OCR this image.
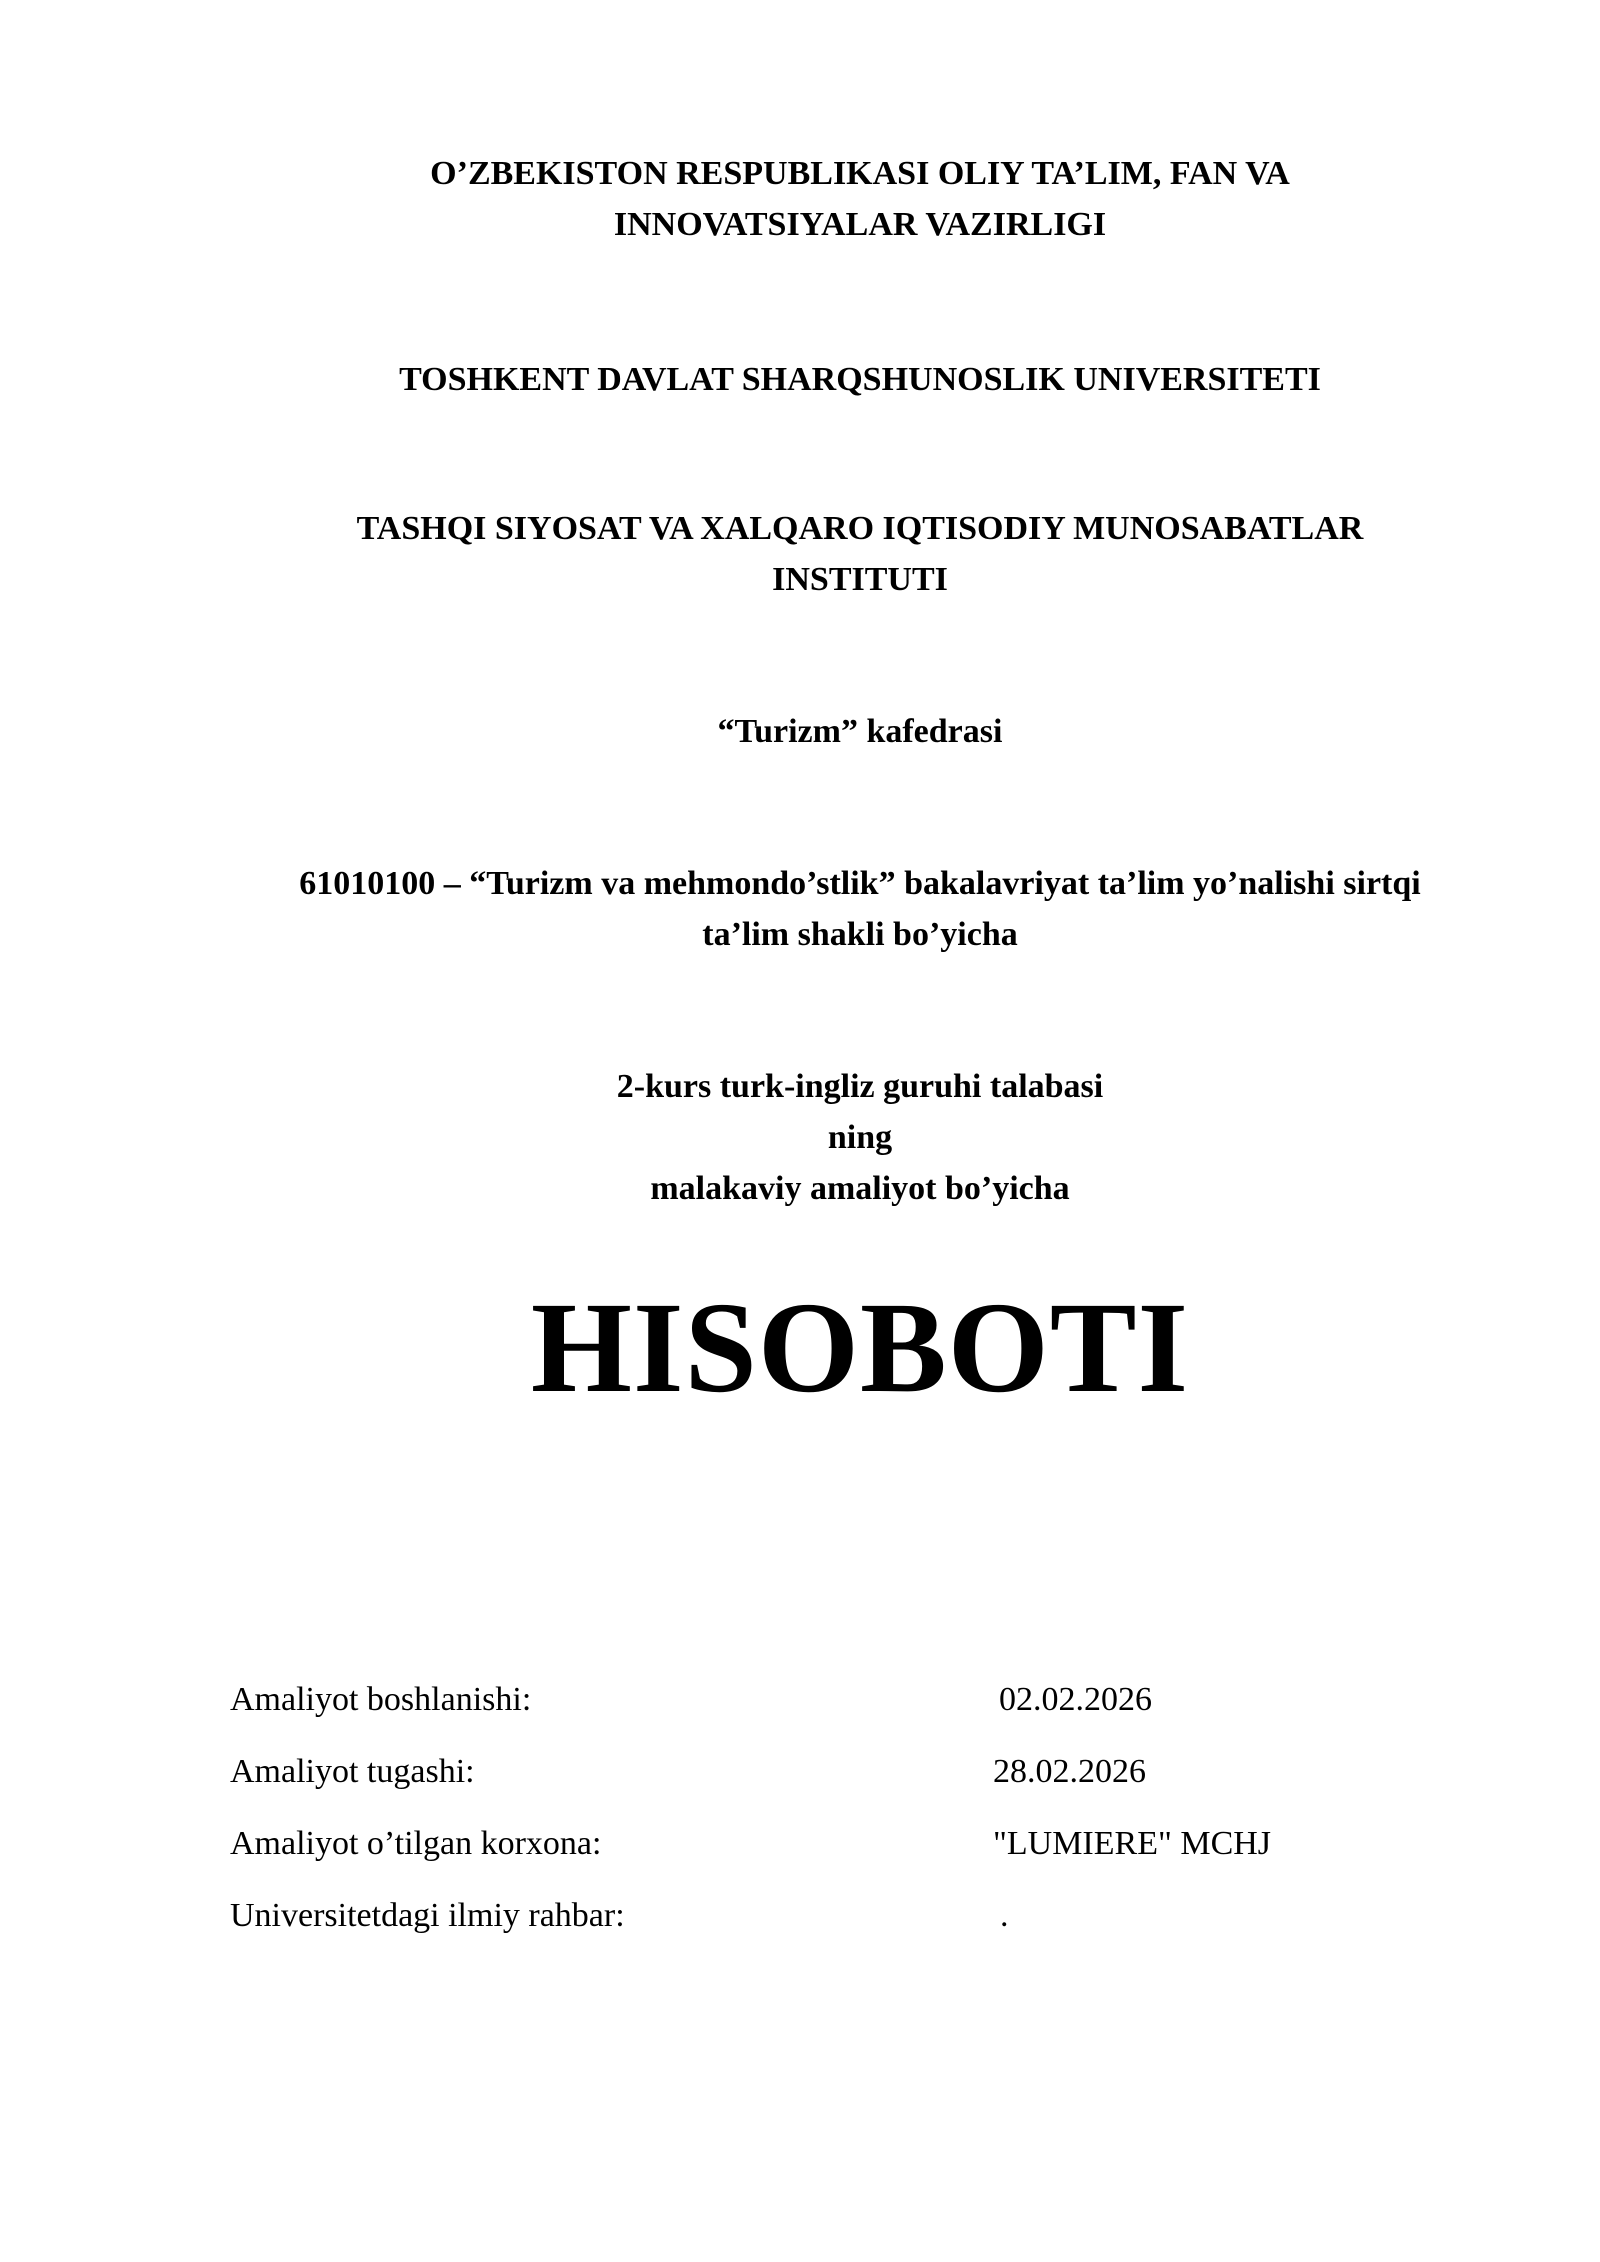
O’ZBEKISTON RESPUBLIKASI OLIY TA’LIM, FAN VA
INNOVATSIYALAR VAZIRLIGI
TOSHKENT DAVLAT SHARQSHUNOSLIK UNIVERSITETI
TASHQI SIYOSAT VA XALQARO IQTISODIY MUNOSABATLAR
INSTITUTI
“Turizm” kafedrasi
61010100 – “Turizm va mehmondo’stlik” bakalavriyat ta’lim yo’nalishi sirtqi
ta’lim shakli bo’yicha
2-kurs turk-ingliz guruhi talabasi
ning
malakaviy amaliyot bo’yicha
HISOBOTI
Amaliyot boshlanishi:	02.02.2026
Amaliyot tugashi:	28.02.2026
Amaliyot o’tilgan korxona:	"LUMIERE" MCHJ
Universitetdagi ilmiy rahbar:	.
